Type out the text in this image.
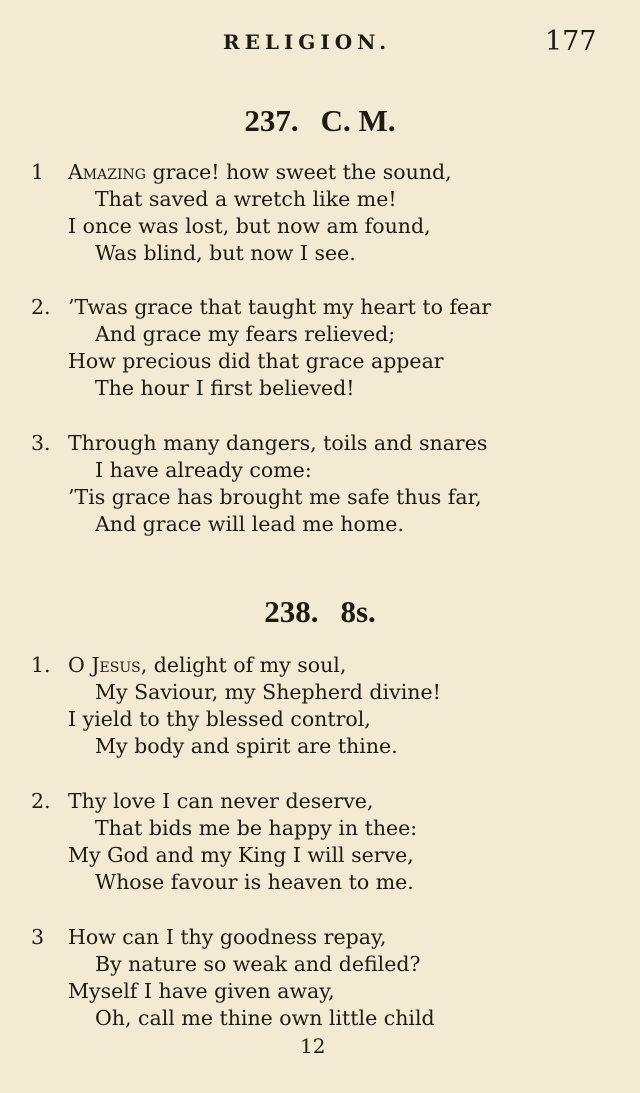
RELIGION.	177
237. C. M.
1 Amazing grace! how sweet the sound,
That saved a wretch like me!
I once was lost, but now am found,
Was blind, but now I see.
2. ’Twas grace that taught my heart to fear
And grace my fears relieved;
How precious did that grace appear
The hour I first believed!
3. Through many dangers, toils and snares
I have already come:
’Tis grace has brought me safe thus far,
And grace will lead me home.
238. 8s.
1. O Jesus, delight of my soul,
My Saviour, my Shepherd divine!
I yield to thy blessed control,
My body and spirit are thine.
2. Thy love I can never deserve,
That bids me be happy in thee:
My God and my King I will serve,
Whose favour is heaven to me.
3 How can I thy goodness repay,
By nature so weak and defiled?
Myself I have given away,
Oh, call me thine own little child
12
